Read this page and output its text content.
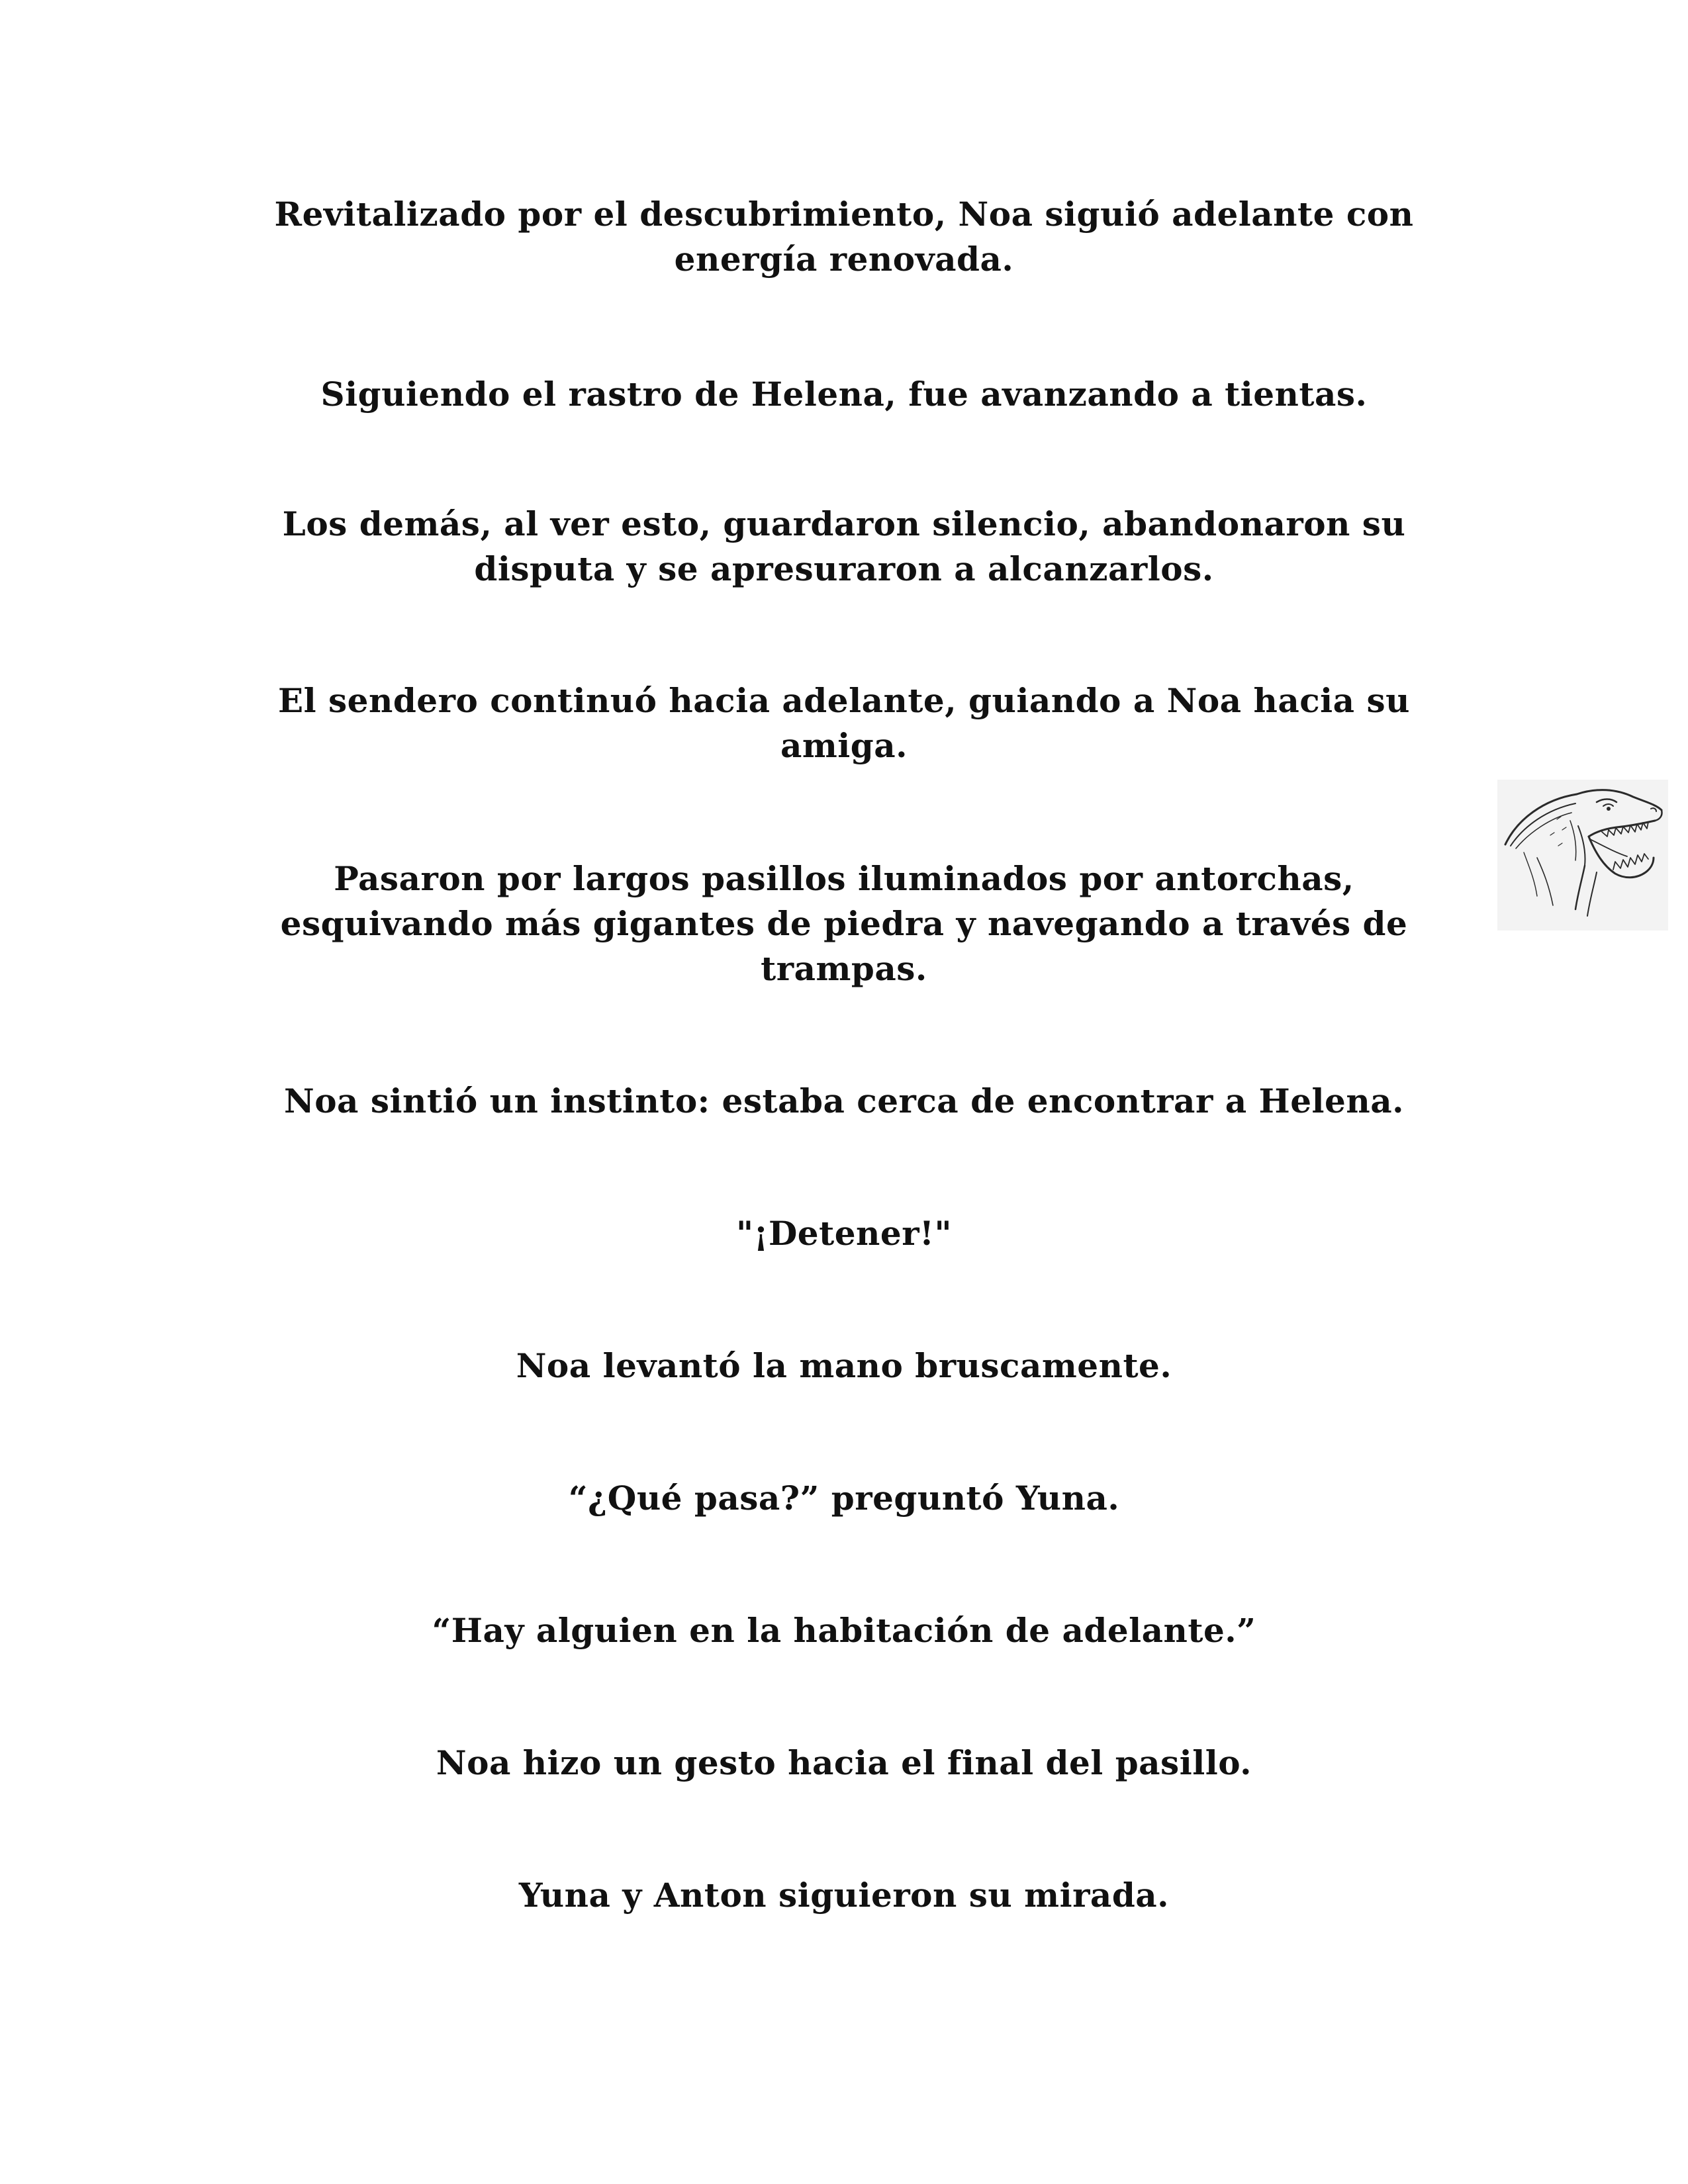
Revitalizado por el descubrimiento, Noa siguió adelante con energía renovada.

Siguiendo el rastro de Helena, fue avanzando a tientas.

Los demás, al ver esto, guardaron silencio, abandonaron su disputa y se apresuraron a alcanzarlos.

El sendero continuó hacia adelante, guiando a Noa hacia su amiga.

Pasaron por largos pasillos iluminados por antorchas, esquivando más gigantes de piedra y navegando a través de trampas.

Noa sintió un instinto: estaba cerca de encontrar a Helena.

"¡Detener!"

Noa levantó la mano bruscamente.

“¿Qué pasa?” preguntó Yuna.

“Hay alguien en la habitación de adelante.”

Noa hizo un gesto hacia el final del pasillo.

Yuna y Anton siguieron su mirada.
